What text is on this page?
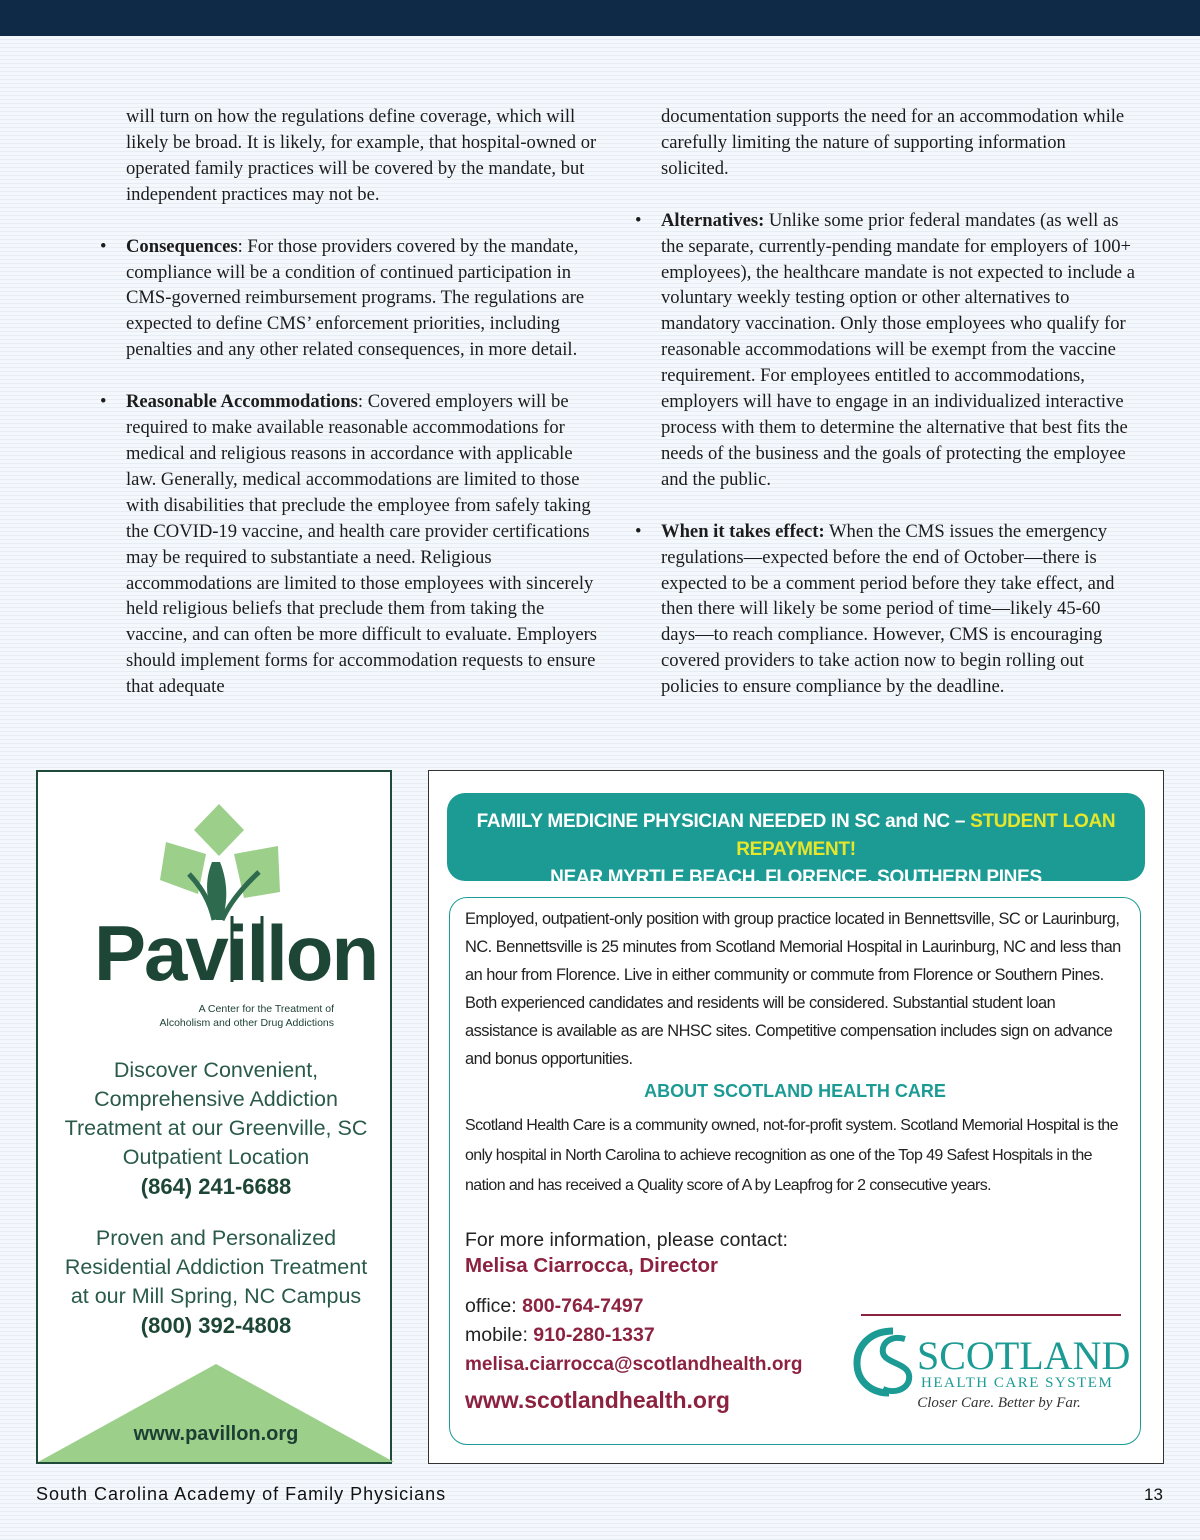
will turn on how the regulations define coverage, which will likely be broad. It is likely, for example, that hospital-owned or operated family practices will be covered by the mandate, but independent practices may not be.

• Consequences: For those providers covered by the mandate, compliance will be a condition of continued participation in CMS-governed reimbursement programs. The regulations are expected to define CMS’ enforcement priorities, including penalties and any other related consequences, in more detail.

• Reasonable Accommodations: Covered employers will be required to make available reasonable accommodations for medical and religious reasons in accordance with applicable law. Generally, medical accommodations are limited to those with disabilities that preclude the employee from safely taking the COVID-19 vaccine, and health care provider certifications may be required to substantiate a need. Religious accommodations are limited to those employees with sincerely held religious beliefs that preclude them from taking the vaccine, and can often be more difficult to evaluate. Employers should implement forms for accommodation requests to ensure that adequate

documentation supports the need for an accommodation while carefully limiting the nature of supporting information solicited.

• Alternatives: Unlike some prior federal mandates (as well as the separate, currently-pending mandate for employers of 100+ employees), the healthcare mandate is not expected to include a voluntary weekly testing option or other alternatives to mandatory vaccination. Only those employees who qualify for reasonable accommodations will be exempt from the vaccine requirement. For employees entitled to accommodations, employers will have to engage in an individualized interactive process with them to determine the alternative that best fits the needs of the business and the goals of protecting the employee and the public.

• When it takes effect: When the CMS issues the emergency regulations—expected before the end of October—there is expected to be a comment period before they take effect, and then there will likely be some period of time—likely 45-60 days—to reach compliance. However, CMS is encouraging covered providers to take action now to begin rolling out policies to ensure compliance by the deadline.

Pavillon
A Center for the Treatment of
Alcoholism and other Drug Addictions
Discover Convenient, Comprehensive Addiction Treatment at our Greenville, SC Outpatient Location
(864) 241-6688
Proven and Personalized Residential Addiction Treatment at our Mill Spring, NC Campus
(800) 392-4808
www.pavillon.org
FAMILY MEDICINE PHYSICIAN NEEDED IN SC and NC – STUDENT LOAN REPAYMENT!
NEAR MYRTLE BEACH, FLORENCE, SOUTHERN PINES
Employed, outpatient-only position with group practice located in Bennettsville, SC or Laurinburg, NC. Bennettsville is 25 minutes from Scotland Memorial Hospital in Laurinburg, NC and less than an hour from Florence. Live in either community or commute from Florence or Southern Pines. Both experienced candidates and residents will be considered. Substantial student loan assistance is available as are NHSC sites. Competitive compensation includes sign on advance and bonus opportunities.
ABOUT SCOTLAND HEALTH CARE
Scotland Health Care is a community owned, not-for-profit system. Scotland Memorial Hospital is the only hospital in North Carolina to achieve recognition as one of the Top 49 Safest Hospitals in the nation and has received a Quality score of A by Leapfrog for 2 consecutive years.
For more information, please contact:
Melisa Ciarrocca, Director
office: 800-764-7497
mobile: 910-280-1337
melisa.ciarrocca@scotlandhealth.org
www.scotlandhealth.org
SCOTLAND
HEALTH CARE SYSTEM
Closer Care. Better by Far.
South Carolina Academy of Family Physicians	13
